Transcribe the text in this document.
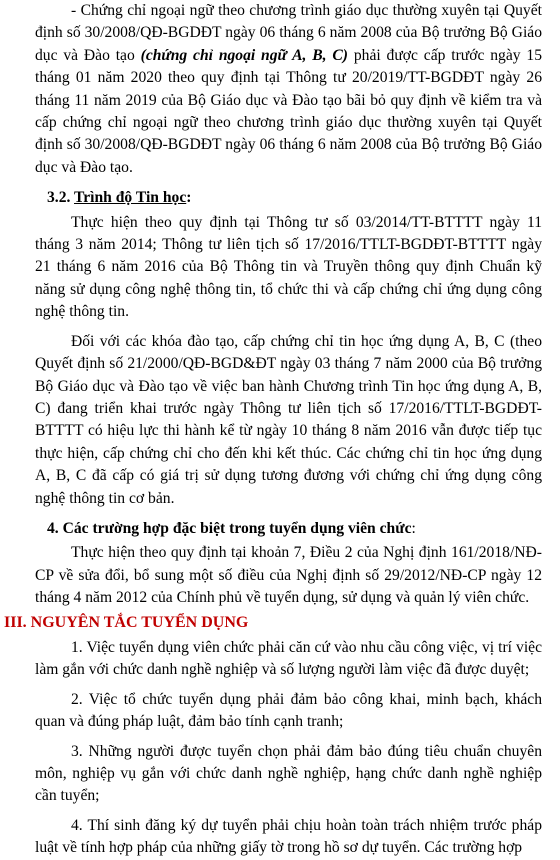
- Chứng chỉ ngoại ngữ theo chương trình giáo dục thường xuyên tại Quyết định số 30/2008/QĐ-BGDĐT ngày 06 tháng 6 năm 2008 của Bộ trưởng Bộ Giáo dục và Đào tạo (chứng chỉ ngoại ngữ A, B, C) phải được cấp trước ngày 15 tháng 01 năm 2020 theo quy định tại Thông tư 20/2019/TT-BGDĐT ngày 26 tháng 11 năm 2019 của Bộ Giáo dục và Đào tạo bãi bỏ quy định về kiểm tra và cấp chứng chỉ ngoại ngữ theo chương trình giáo dục thường xuyên tại Quyết định số 30/2008/QĐ-BGDĐT ngày 06 tháng 6 năm 2008 của Bộ trưởng Bộ Giáo dục và Đào tạo.

3.2. Trình độ Tin học:

Thực hiện theo quy định tại Thông tư số 03/2014/TT-BTTTT ngày 11 tháng 3 năm 2014; Thông tư liên tịch số 17/2016/TTLT-BGDĐT-BTTTT ngày 21 tháng 6 năm 2016 của Bộ Thông tin và Truyền thông quy định Chuẩn kỹ năng sử dụng công nghệ thông tin, tổ chức thi và cấp chứng chỉ ứng dụng công nghệ thông tin.

Đối với các khóa đào tạo, cấp chứng chỉ tin học ứng dụng A, B, C (theo Quyết định số 21/2000/QĐ-BGD&ĐT ngày 03 tháng 7 năm 2000 của Bộ trưởng Bộ Giáo dục và Đào tạo về việc ban hành Chương trình Tin học ứng dụng A, B, C) đang triển khai trước ngày Thông tư liên tịch số 17/2016/TTLT-BGDĐT-BTTTT có hiệu lực thi hành kể từ ngày 10 tháng 8 năm 2016 vẫn được tiếp tục thực hiện, cấp chứng chỉ cho đến khi kết thúc. Các chứng chỉ tin học ứng dụng A, B, C đã cấp có giá trị sử dụng tương đương với chứng chỉ ứng dụng công nghệ thông tin cơ bản.

4. Các trường hợp đặc biệt trong tuyển dụng viên chức:

Thực hiện theo quy định tại khoản 7, Điều 2 của Nghị định 161/2018/NĐ-CP về sửa đổi, bổ sung một số điều của Nghị định số 29/2012/NĐ-CP ngày 12 tháng 4 năm 2012 của Chính phủ về tuyển dụng, sử dụng và quản lý viên chức.

III. NGUYÊN TẮC TUYỂN DỤNG

1. Việc tuyển dụng viên chức phải căn cứ vào nhu cầu công việc, vị trí việc làm gắn với chức danh nghề nghiệp và số lượng người làm việc đã được duyệt;

2. Việc tổ chức tuyển dụng phải đảm bảo công khai, minh bạch, khách quan và đúng pháp luật, đảm bảo tính cạnh tranh;

3. Những người được tuyển chọn phải đảm bảo đúng tiêu chuẩn chuyên môn, nghiệp vụ gắn với chức danh nghề nghiệp, hạng chức danh nghề nghiệp cần tuyển;

4. Thí sinh đăng ký dự tuyển phải chịu hoàn toàn trách nhiệm trước pháp luật về tính hợp pháp của những giấy tờ trong hồ sơ dự tuyển. Các trường hợp
